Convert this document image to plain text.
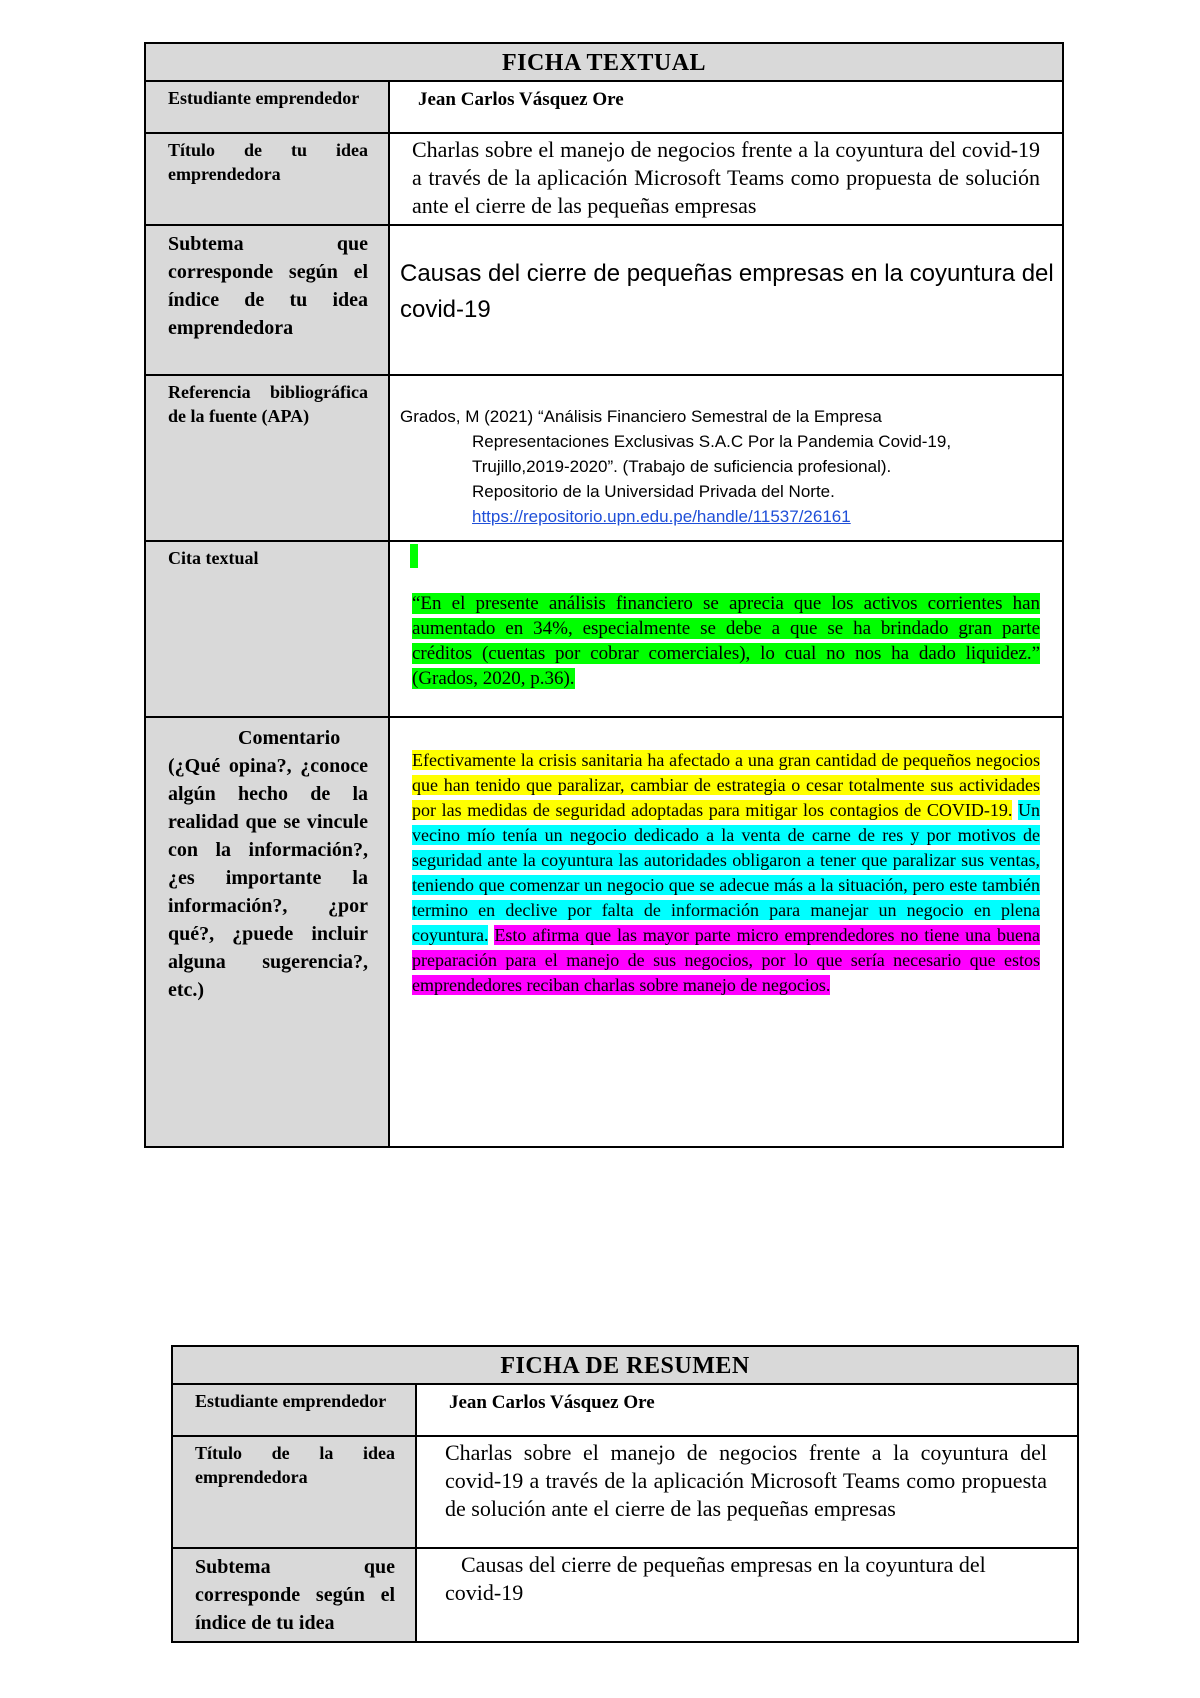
FICHA TEXTUAL	
Estudiante emprendedor	Jean Carlos Vásquez Ore
Título de tu idea emprendedora	Charlas sobre el manejo de negocios frente a la coyuntura del covid-19 a través de la aplicación Microsoft Teams como propuesta de solución ante el cierre de las pequeñas empresas
Subtema que corresponde según el índice de tu idea emprendedora	Causas del cierre de pequeñas empresas en la coyuntura del covid-19
Referencia bibliográfica de la fuente (APA)	Grados, M (2021) “Análisis Financiero Semestral de la Empresa
Representaciones Exclusivas S.A.C Por la Pandemia Covid-19,
Trujillo,2019-2020”. (Trabajo de suficiencia profesional).
Repositorio de la Universidad Privada del Norte.
https://repositorio.upn.edu.pe/handle/11537/26161

Cita textual	“En el presente análisis financiero se aprecia que los activos corrientes han aumentado en 34%, especialmente se debe a que se ha brindado gran parte créditos (cuentas por cobrar comerciales), lo cual no nos ha dado liquidez.” (Grados, 2020, p.36).

Comentario (¿Qué opina?, ¿conoce algún hecho de la realidad que se vincule con la información?, ¿es importante la información?, ¿por qué?, ¿puede incluir alguna sugerencia?, etc.)	Efectivamente la crisis sanitaria ha afectado a una gran cantidad de pequeños negocios que han tenido que paralizar, cambiar de estrategia o cesar totalmente sus actividades por las medidas de seguridad adoptadas para mitigar los contagios de COVID-19. Un vecino mío tenía un negocio dedicado a la venta de carne de res y por motivos de seguridad ante la coyuntura las autoridades obligaron a tener que paralizar sus ventas, teniendo que comenzar un negocio que se adecue más a la situación, pero este también termino en declive por falta de información para manejar un negocio en plena coyuntura. Esto afirma que las mayor parte micro emprendedores no tiene una buena preparación para el manejo de sus negocios, por lo que sería necesario que estos emprendedores reciban charlas sobre manejo de negocios.
FICHA DE RESUMEN	
Estudiante emprendedor	Jean Carlos Vásquez Ore
Título de la idea emprendedora	Charlas sobre el manejo de negocios frente a la coyuntura del covid-19 a través de la aplicación Microsoft Teams como propuesta de solución ante el cierre de las pequeñas empresas
Subtema que corresponde según el índice de tu idea	Causas del cierre de pequeñas empresas en la coyuntura del covid-19
